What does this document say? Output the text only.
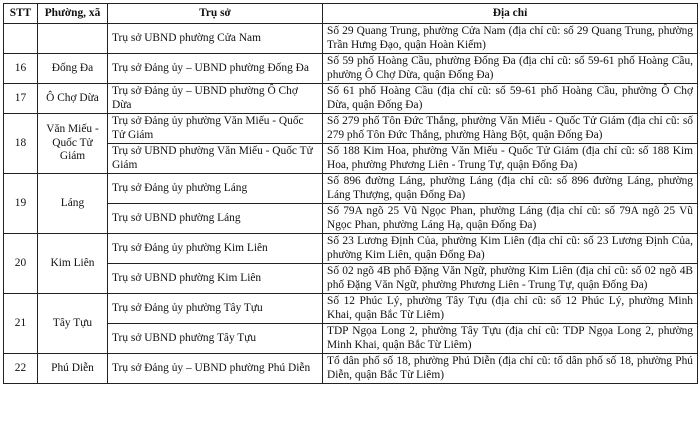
STT	Phường, xã	Trụ sở	Địa chỉ
		Trụ sở UBND phường Cửa Nam	Số 29 Quang Trung, phường Cửa Nam (địa chỉ cũ: số 29 Quang Trung, phường Trần Hưng Đạo, quận Hoàn Kiếm)
16	Đống Đa	Trụ sở Đảng ủy – UBND phường Đống Đa	Số 59 phố Hoàng Cầu, phường Đống Đa (địa chỉ cũ: số 59-61 phố Hoàng Cầu, phường Ô Chợ Dừa, quận Đống Đa)
17	Ô Chợ Dừa	Trụ sở Đảng ủy – UBND phường Ô Chợ Dừa	Số 61 phố Hoàng Cầu (địa chỉ cũ: số 59-61 phố Hoàng Cầu, phường Ô Chợ Dừa, quận Đống Đa)
18	Văn Miếu - Quốc Tử Giám	Trụ sở Đảng ủy phường Văn Miếu - Quốc Tử Giám	Số 279 phố Tôn Đức Thắng, phường Văn Miếu - Quốc Tử Giám (địa chỉ cũ: số 279 phố Tôn Đức Thắng, phường Hàng Bột, quận Đống Đa)
		Trụ sở UBND phường Văn Miếu - Quốc Tử Giám	Số 188 Kim Hoa, phường Văn Miếu - Quốc Tử Giám (địa chỉ cũ: số 188 Kim Hoa, phường Phương Liên - Trung Tự, quận Đống Đa)
19	Láng	Trụ sở Đảng ủy phường Láng	Số 896 đường Láng, phường Láng (địa chỉ cũ: số 896 đường Láng, phường Láng Thượng, quận Đống Đa)
		Trụ sở UBND phường Láng	Số 79A ngõ 25 Vũ Ngọc Phan, phường Láng (địa chỉ cũ: số 79A ngõ 25 Vũ Ngọc Phan, phường Láng Hạ, quận Đống Đa)
20	Kim Liên	Trụ sở Đảng ủy phường Kim Liên	Số 23 Lương Định Của, phường Kim Liên (địa chỉ cũ: số 23 Lương Định Của, phường Kim Liên, quận Đống Đa)
		Trụ sở UBND phường Kim Liên	Số 02 ngõ 4B phố Đặng Văn Ngữ, phường Kim Liên (địa chỉ cũ: số 02 ngõ 4B phố Đặng Văn Ngữ, phường Phương Liên - Trung Tự, quận Đống Đa)
21	Tây Tựu	Trụ sở Đảng ủy phường Tây Tựu	Số 12 Phúc Lý, phường Tây Tựu (địa chỉ cũ: số 12 Phúc Lý, phường Minh Khai, quận Bắc Từ Liêm)
		Trụ sở UBND phường Tây Tựu	TDP Ngọa Long 2, phường Tây Tựu (địa chỉ cũ: TDP Ngọa Long 2, phường Minh Khai, quận Bắc Từ Liêm)
22	Phú Diễn	Trụ sở Đảng ủy – UBND phường Phú Diễn	Tổ dân phố số 18, phường Phú Diễn (địa chỉ cũ: tổ dân phố số 18, phường Phú Diễn, quận Bắc Từ Liêm)
